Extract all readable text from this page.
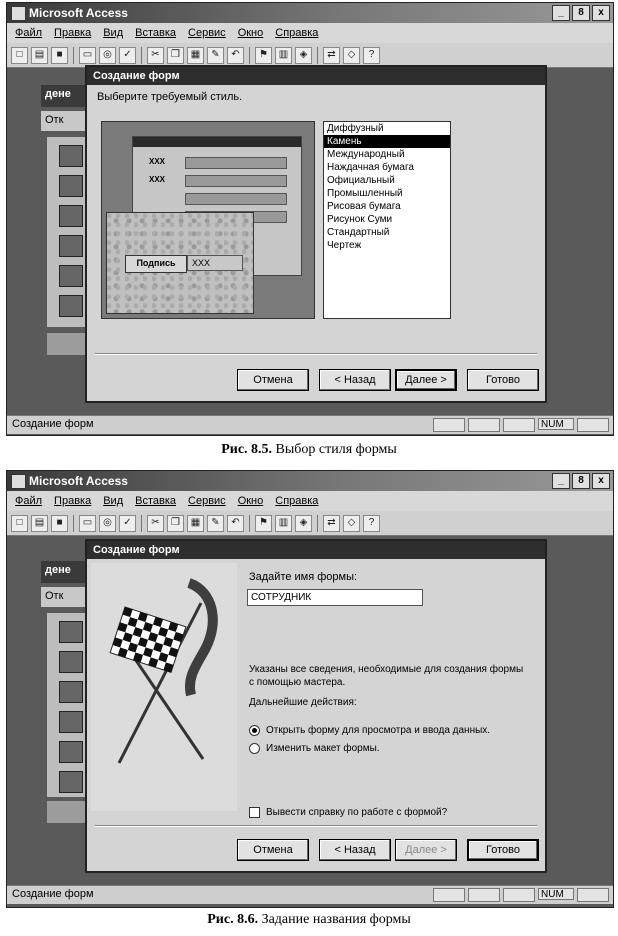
Microsoft Access	_	8	x
Файл Правка Вид Вставка Сервис Окно Справка
□	▤	■	▭	◎	✓	✂	❐	▦	✎	↶	⚑	▥	◈	⇄	◇	?
дене
Отк
Создание форм
Выберите требуемый стиль.
XXX
XXX
Подпись	XXX
Диффузный
Камень
Международный
Наждачная бумага
Официальный
Промышленный
Рисовая бумага
Рисунок Суми
Стандартный
Чертеж
Отмена	< Назад	Далее >	Готово
Создание форм	NUM
Рис. 8.5. Выбор стиля формы
Microsoft Access	_	8	x
Файл Правка Вид Вставка Сервис Окно Справка
□	▤	■	▭	◎	✓	✂	❐	▦	✎	↶	⚑	▥	◈	⇄	◇	?
дене
Отк
Создание форм
Задайте имя формы:
СОТРУДНИК
Указаны все сведения, необходимые для создания формы с помощью мастера.
Дальнейшие действия:
Открыть форму для просмотра и ввода данных.
Изменить макет формы.
Вывести справку по работе с формой?
Отмена	< Назад	Далее >	Готово
Создание форм	NUM
Рис. 8.6. Задание названия формы
